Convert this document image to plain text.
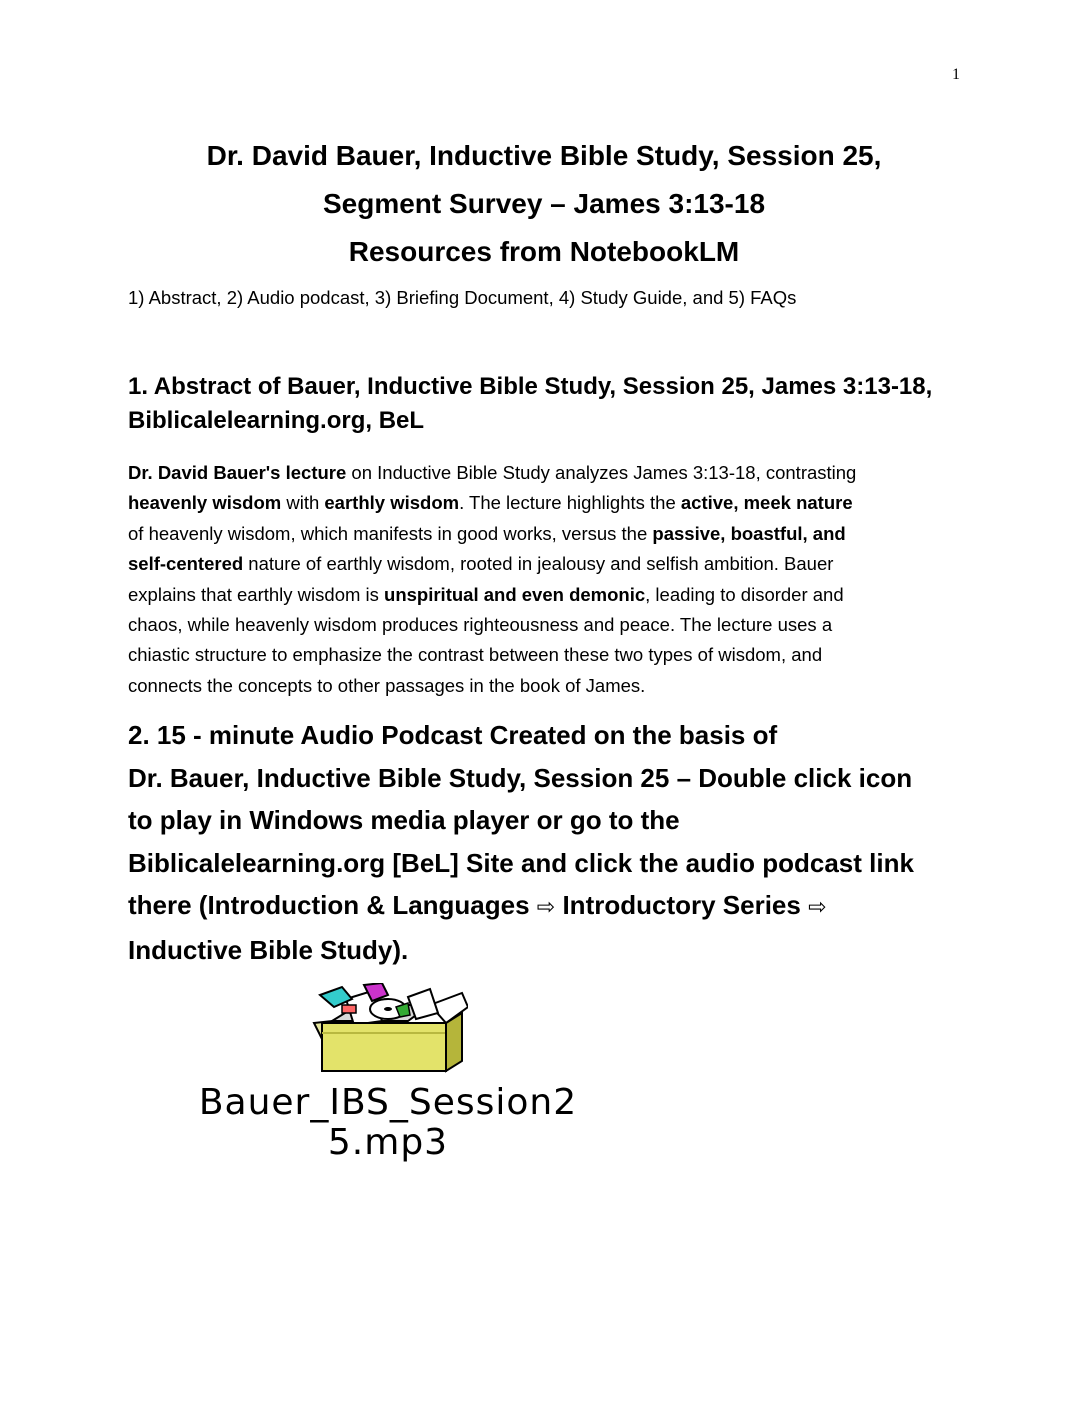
1
Dr. David Bauer, Inductive Bible Study, Session 25,
Segment Survey – James 3:13-18
Resources from NotebookLM
1) Abstract, 2) Audio podcast, 3) Briefing Document, 4) Study Guide, and 5) FAQs
1. Abstract of Bauer, Inductive Bible Study, Session 25, James 3:13-18,
Biblicalelearning.org, BeL
Dr. David Bauer's lecture on Inductive Bible Study analyzes James 3:13-18, contrasting
heavenly wisdom with earthly wisdom. The lecture highlights the active, meek nature
of heavenly wisdom, which manifests in good works, versus the passive, boastful, and
self-centered nature of earthly wisdom, rooted in jealousy and selfish ambition. Bauer
explains that earthly wisdom is unspiritual and even demonic, leading to disorder and
chaos, while heavenly wisdom produces righteousness and peace. The lecture uses a
chiastic structure to emphasize the contrast between these two types of wisdom, and
connects the concepts to other passages in the book of James.
2. 15 - minute Audio Podcast Created on the basis of
Dr. Bauer, Inductive Bible Study, Session 25 – Double click icon
to play in Windows media player or go to the
Biblicalelearning.org [BeL] Site and click the audio podcast link
there (Introduction & Languages ⇨ Introductory Series ⇨
Inductive Bible Study).
Bauer_IBS_Session2
5.mp3
